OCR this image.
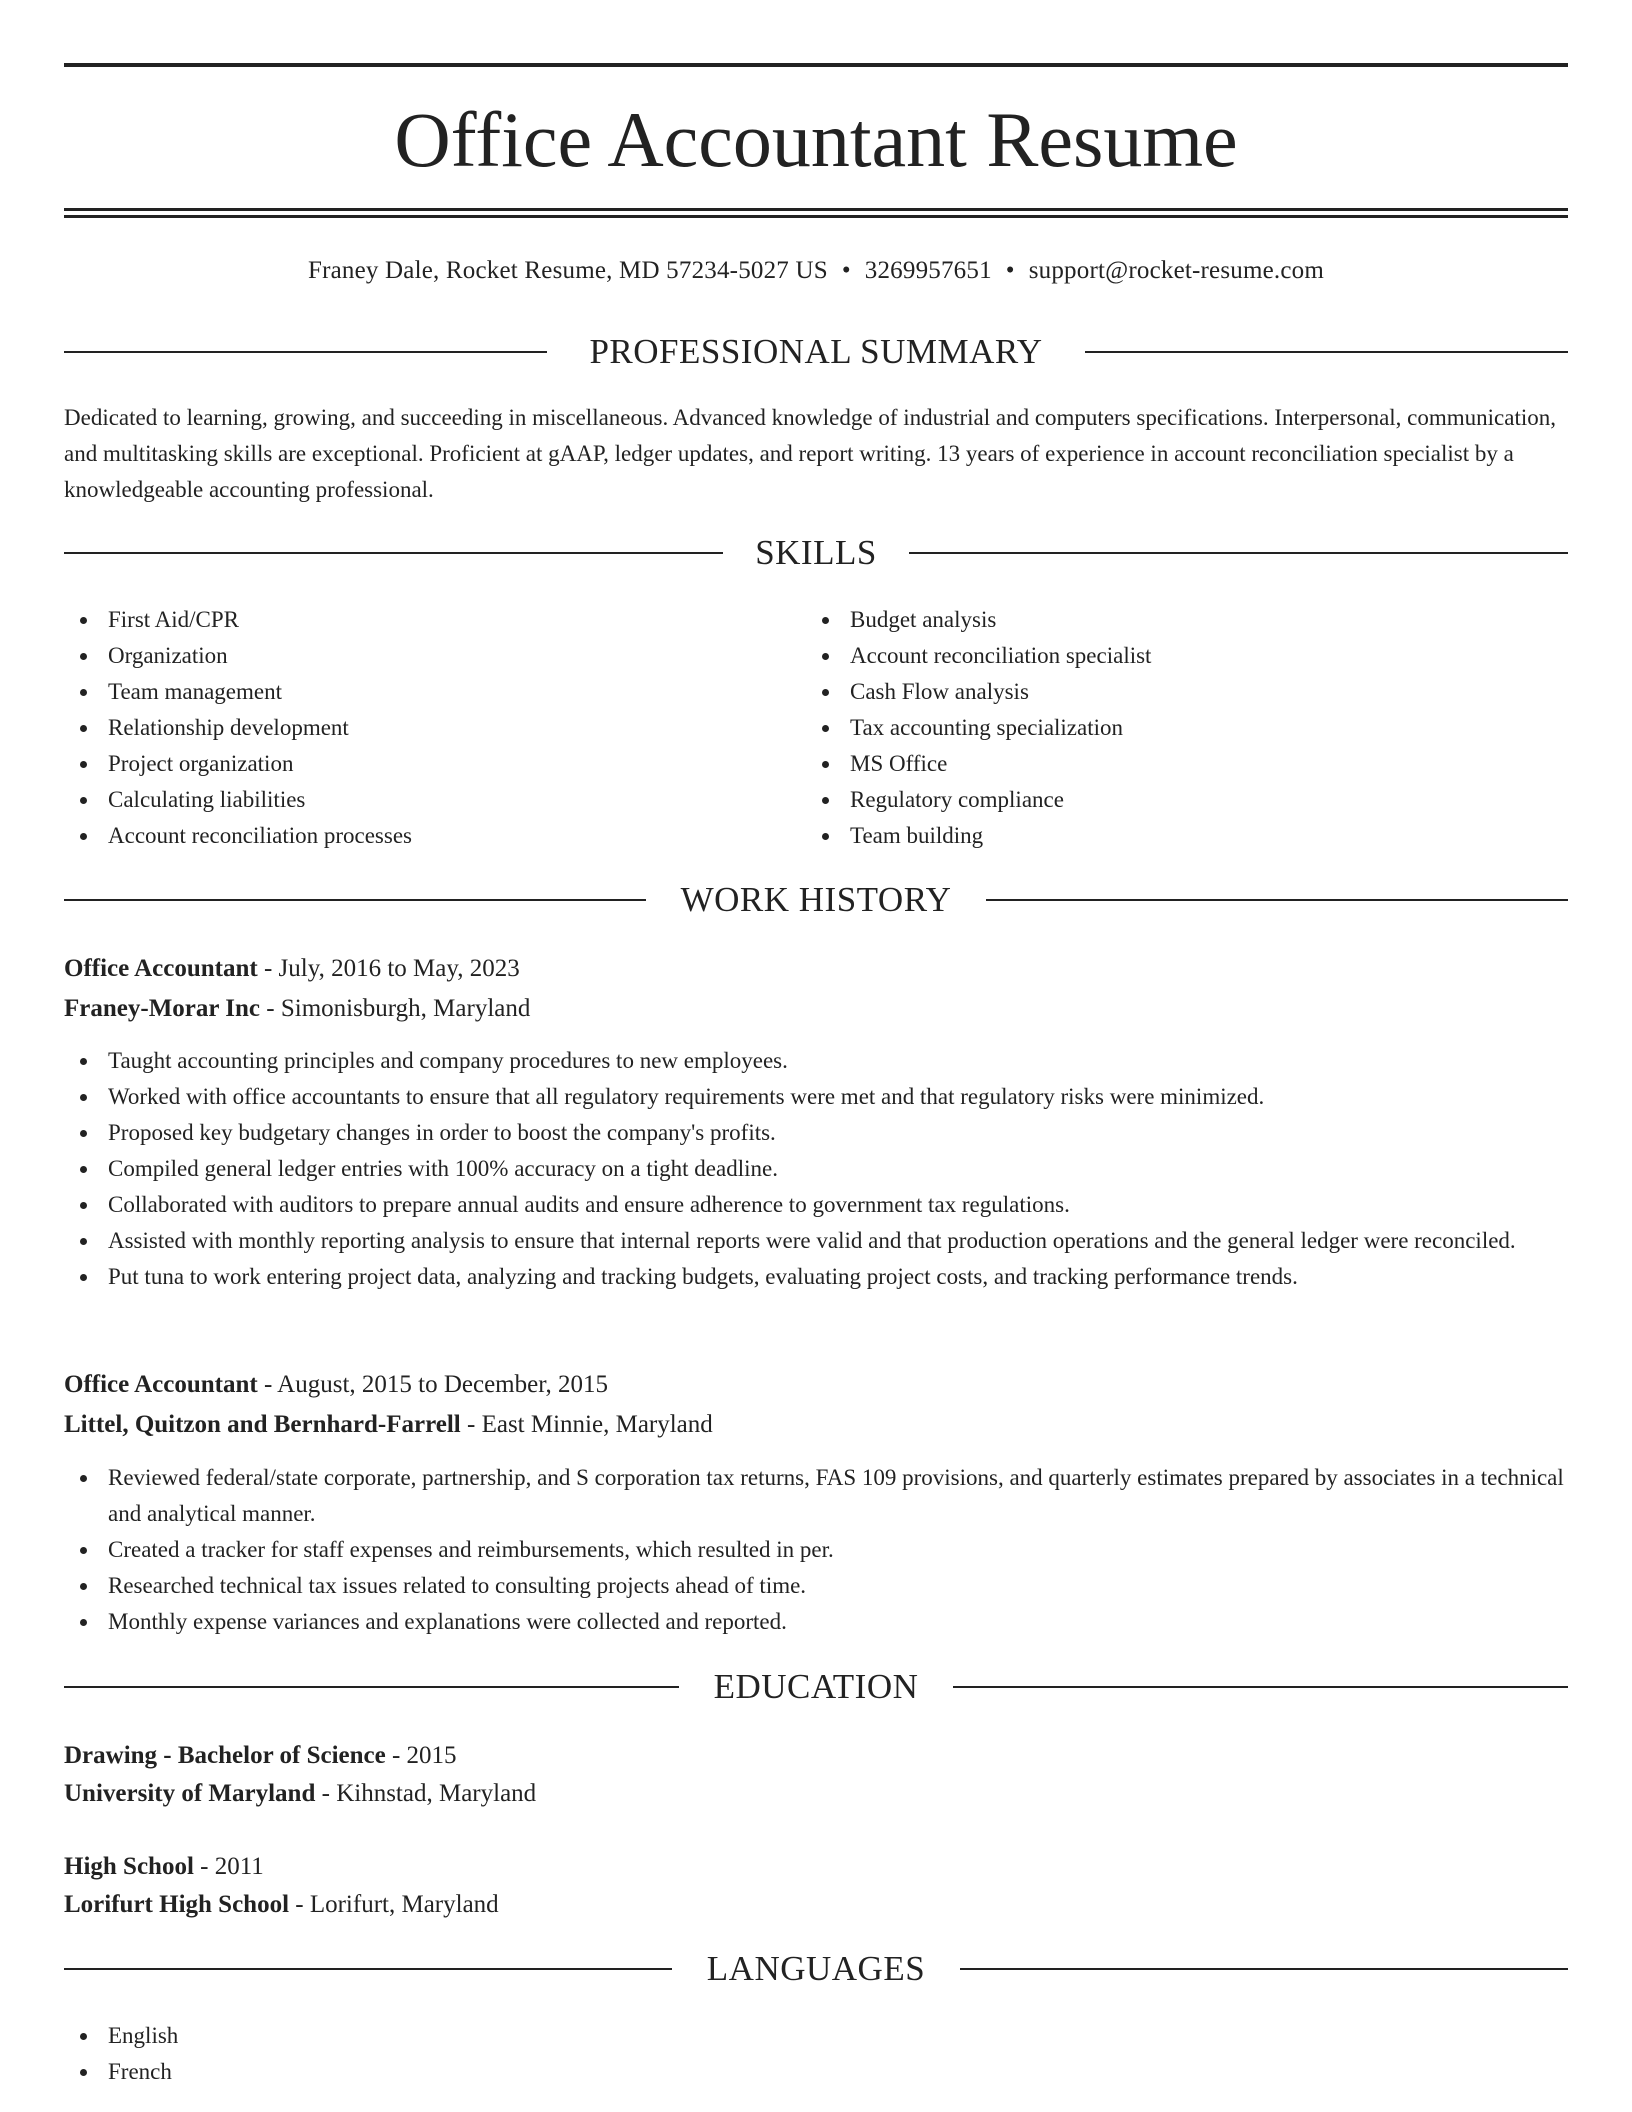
Office Accountant Resume
Franey Dale, Rocket Resume, MD 57234-5027 US • 3269957651 • support@rocket-resume.com
PROFESSIONAL SUMMARY

Dedicated to learning, growing, and succeeding in miscellaneous. Advanced knowledge of industrial and computers specifications. Interpersonal, communication, and multitasking skills are exceptional. Proficient at gAAP, ledger updates, and report writing. 13 years of experience in account reconciliation specialist by a knowledgeable accounting professional.

SKILLS
First Aid/CPR
Organization
Team management
Relationship development
Project organization
Calculating liabilities
Account reconciliation processes
Budget analysis
Account reconciliation specialist
Cash Flow analysis
Tax accounting specialization
MS Office
Regulatory compliance
Team building
WORK HISTORY
Office Accountant - July, 2016 to May, 2023
Franey-Morar Inc - Simonisburgh, Maryland
Taught accounting principles and company procedures to new employees.
Worked with office accountants to ensure that all regulatory requirements were met and that regulatory risks were minimized.
Proposed key budgetary changes in order to boost the company's profits.
Compiled general ledger entries with 100% accuracy on a tight deadline.
Collaborated with auditors to prepare annual audits and ensure adherence to government tax regulations.
Assisted with monthly reporting analysis to ensure that internal reports were valid and that production operations and the general ledger were reconciled.
Put tuna to work entering project data, analyzing and tracking budgets, evaluating project costs, and tracking performance trends.
Office Accountant - August, 2015 to December, 2015
Littel, Quitzon and Bernhard-Farrell - East Minnie, Maryland
Reviewed federal/state corporate, partnership, and S corporation tax returns, FAS 109 provisions, and quarterly estimates prepared by associates in a technical and analytical manner.
Created a tracker for staff expenses and reimbursements, which resulted in per.
Researched technical tax issues related to consulting projects ahead of time.
Monthly expense variances and explanations were collected and reported.
EDUCATION
Drawing - Bachelor of Science - 2015
University of Maryland - Kihnstad, Maryland
High School - 2011
Lorifurt High School - Lorifurt, Maryland
LANGUAGES
English
French
